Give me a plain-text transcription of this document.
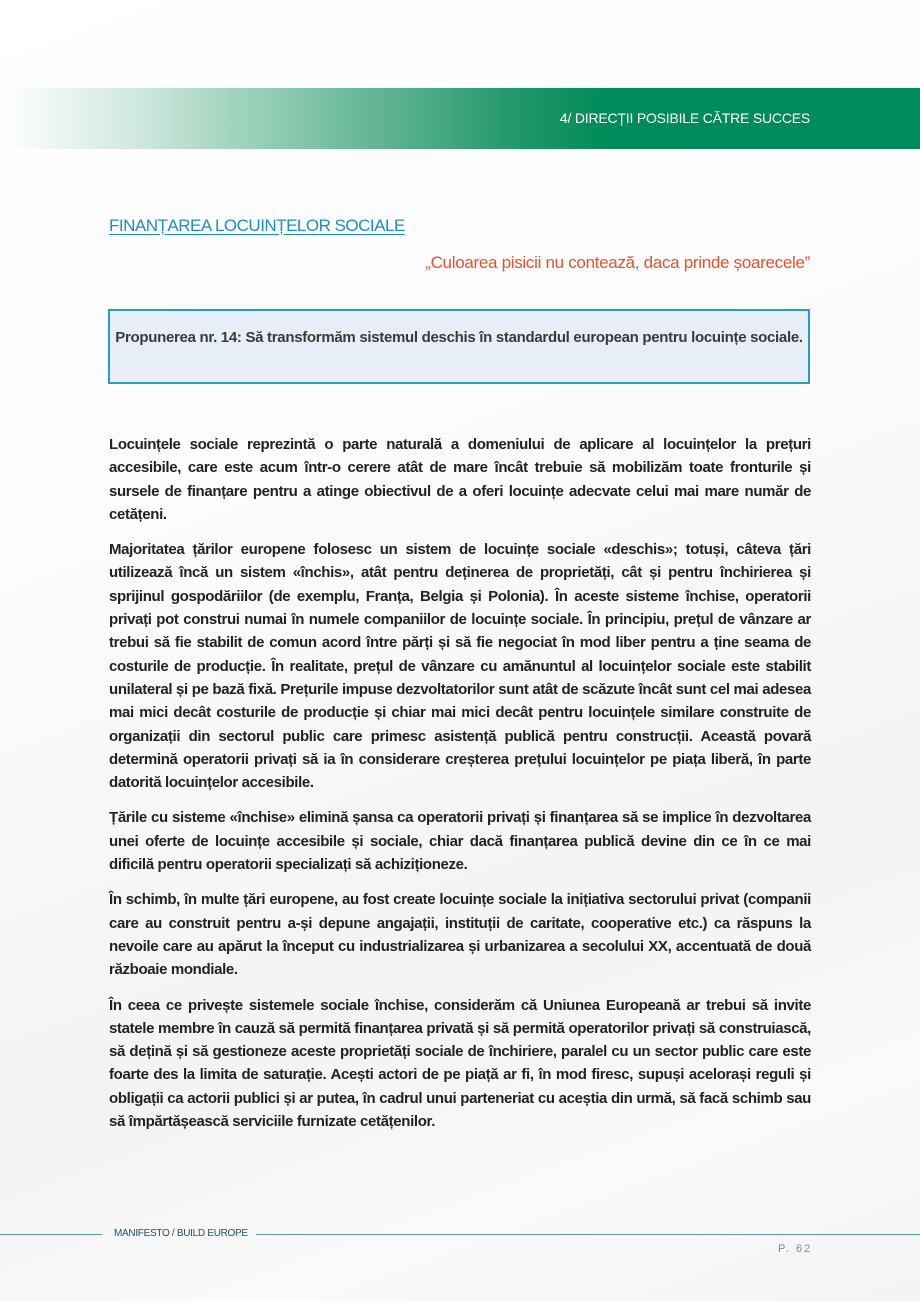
4/ DIRECȚII POSIBILE CĂTRE SUCCES
FINANȚAREA LOCUINȚELOR SOCIALE
„Culoarea pisicii nu contează, daca prinde șoarecele”
Propunerea nr. 14: Să transformăm sistemul deschis în standardul european pentru locuințe sociale.

Locuințele sociale reprezintă o parte naturală a domeniului de aplicare al locuințelor la prețuri accesibile, care este acum într-o cerere atât de mare încât trebuie să mobilizăm toate fronturile și sursele de finanțare pentru a atinge obiectivul de a oferi locuințe adecvate celui mai mare număr de cetățeni.

Majoritatea țărilor europene folosesc un sistem de locuințe sociale «deschis»; totuși, câteva țări utilizează încă un sistem «închis», atât pentru deținerea de proprietăți, cât și pentru închirierea și sprijinul gospodăriilor (de exemplu, Franța, Belgia și Polonia). În aceste sisteme închise, operatorii privați pot construi numai în numele companiilor de locuințe sociale. În principiu, prețul de vânzare ar trebui să fie stabilit de comun acord între părți și să fie negociat în mod liber pentru a ține seama de costurile de producție. În realitate, prețul de vânzare cu amănuntul al locuințelor sociale este stabilit unilateral și pe bază fixă. Prețurile impuse dezvoltatorilor sunt atât de scăzute încât sunt cel mai adesea mai mici decât costurile de producție și chiar mai mici decât pentru locuințele similare construite de organizații din sectorul public care primesc asistență publică pentru construcții. Această povară determină operatorii privați să ia în considerare creșterea prețului locuințelor pe piața liberă, în parte datorită locuințelor accesibile.

Țările cu sisteme «închise» elimină șansa ca operatorii privați și finanțarea să se implice în dezvoltarea unei oferte de locuințe accesibile și sociale, chiar dacă finanțarea publică devine din ce în ce mai dificilă pentru operatorii specializați să achiziționeze.

În schimb, în multe țări europene, au fost create locuințe sociale la inițiativa sectorului privat (companii care au construit pentru a-și depune angajații, instituții de caritate, cooperative etc.) ca răspuns la nevoile care au apărut la început cu industrializarea și urbanizarea a secolului XX, accentuată de două războaie mondiale.

În ceea ce privește sistemele sociale închise, considerăm că Uniunea Europeană ar trebui să invite statele membre în cauză să permită finanțarea privată și să permită operatorilor privați să construiască, să dețină și să gestioneze aceste proprietăți sociale de închiriere, paralel cu un sector public care este foarte des la limita de saturație. Acești actori de pe piață ar fi, în mod firesc, supuși acelorași reguli și obligații ca actorii publici și ar putea, în cadrul unui parteneriat cu aceștia din urmă, să facă schimb sau să împărtășească serviciile furnizate cetățenilor.

MANIFESTO / BUILD EUROPE
P. 62
